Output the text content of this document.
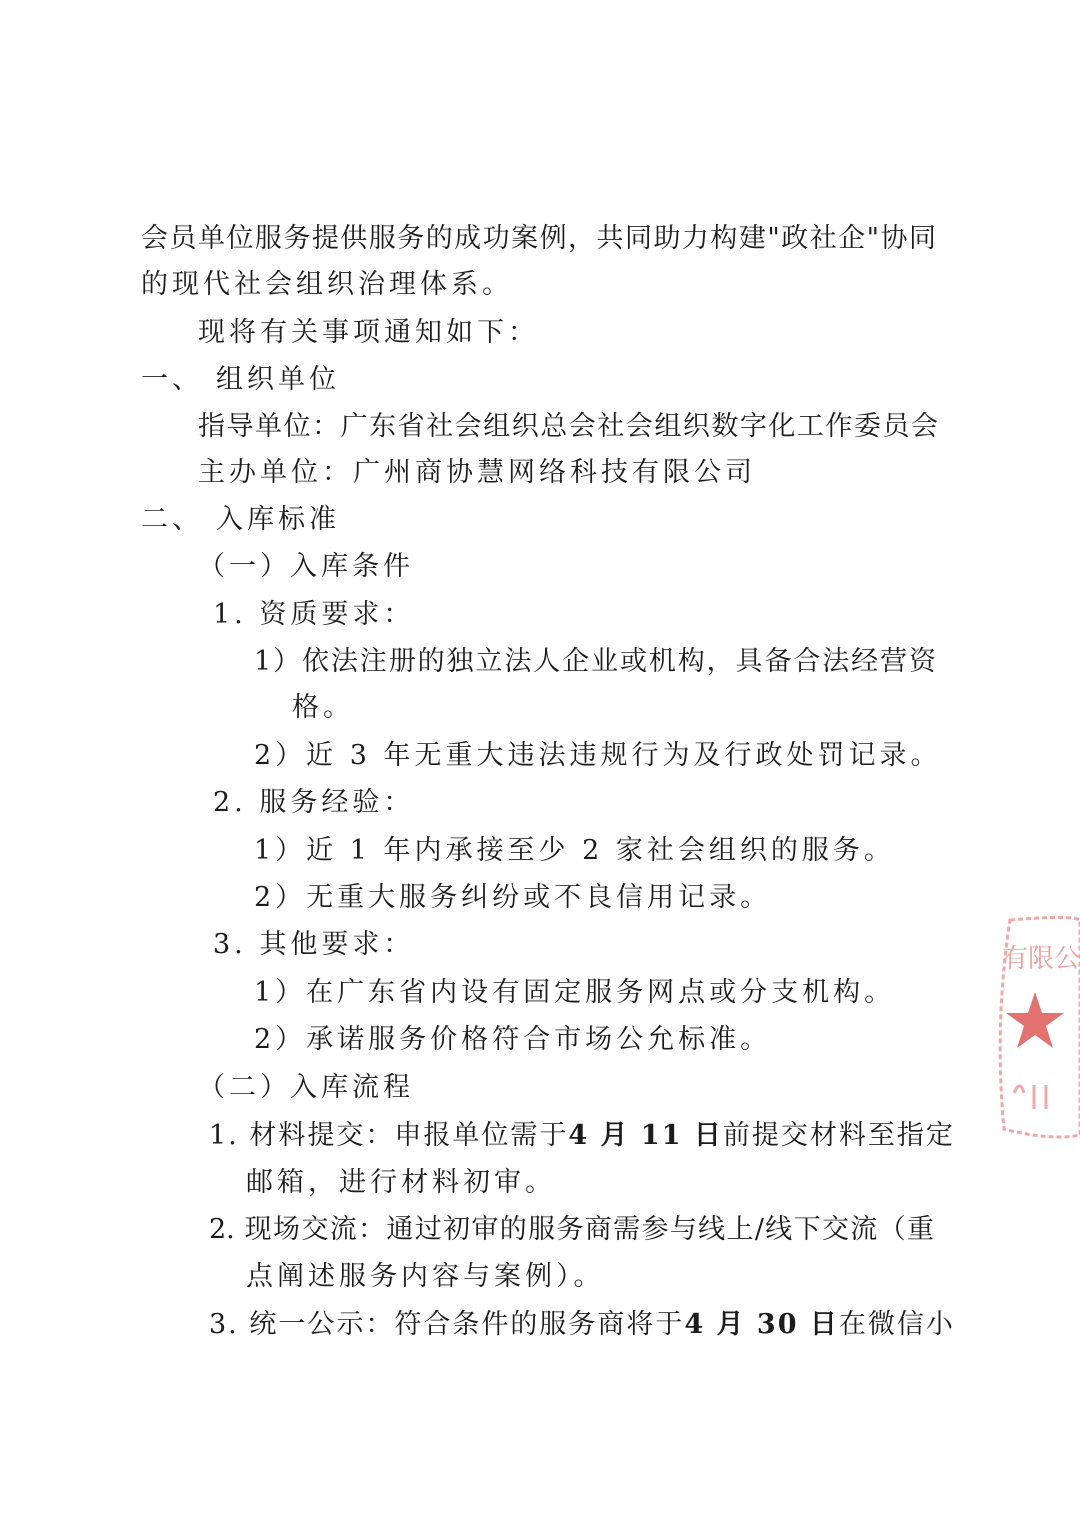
会员单位服务提供服务的成功案例，共同助力构建"政社企"协同
的现代社会组织治理体系。
现将有关事项通知如下：
一、 组织单位
指导单位：广东省社会组织总会社会组织数字化工作委员会
主办单位：广州商协慧网络科技有限公司
二、 入库标准
（一） 入库条件
1. 资质要求：
1）依法注册的独立法人企业或机构，具备合法经营资
格。
2）近 3 年无重大违法违规行为及行政处罚记录。
2. 服务经验：
1）近 1 年内承接至少 2 家社会组织的服务。
2）无重大服务纠纷或不良信用记录。
3. 其他要求：
1）在广东省内设有固定服务网点或分支机构。
2）承诺服务价格符合市场公允标准。
（二） 入库流程
1. 材料提交：申报单位需于4 月 11 日前提交材料至指定
邮箱，进行材料初审。
2. 现场交流：通过初审的服务商需参与线上/线下交流（重
点阐述服务内容与案例）。
3. 统一公示：符合条件的服务商将于4 月 30 日在微信小
有限公
